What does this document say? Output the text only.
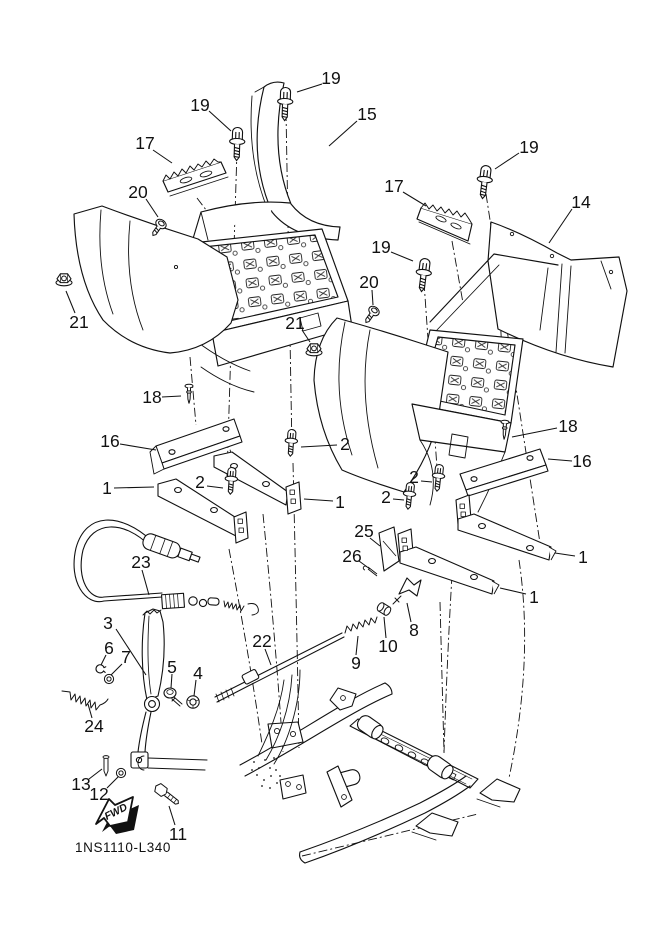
FWD
1NS1110-L340
19
19
15
17
20
21
19
17
14
19
20
21
18
16
1	2
2
1
18
16
2
2
25
26	1
1
23
3
6 7 5 4
22
24
8
10
9
13
12
11
